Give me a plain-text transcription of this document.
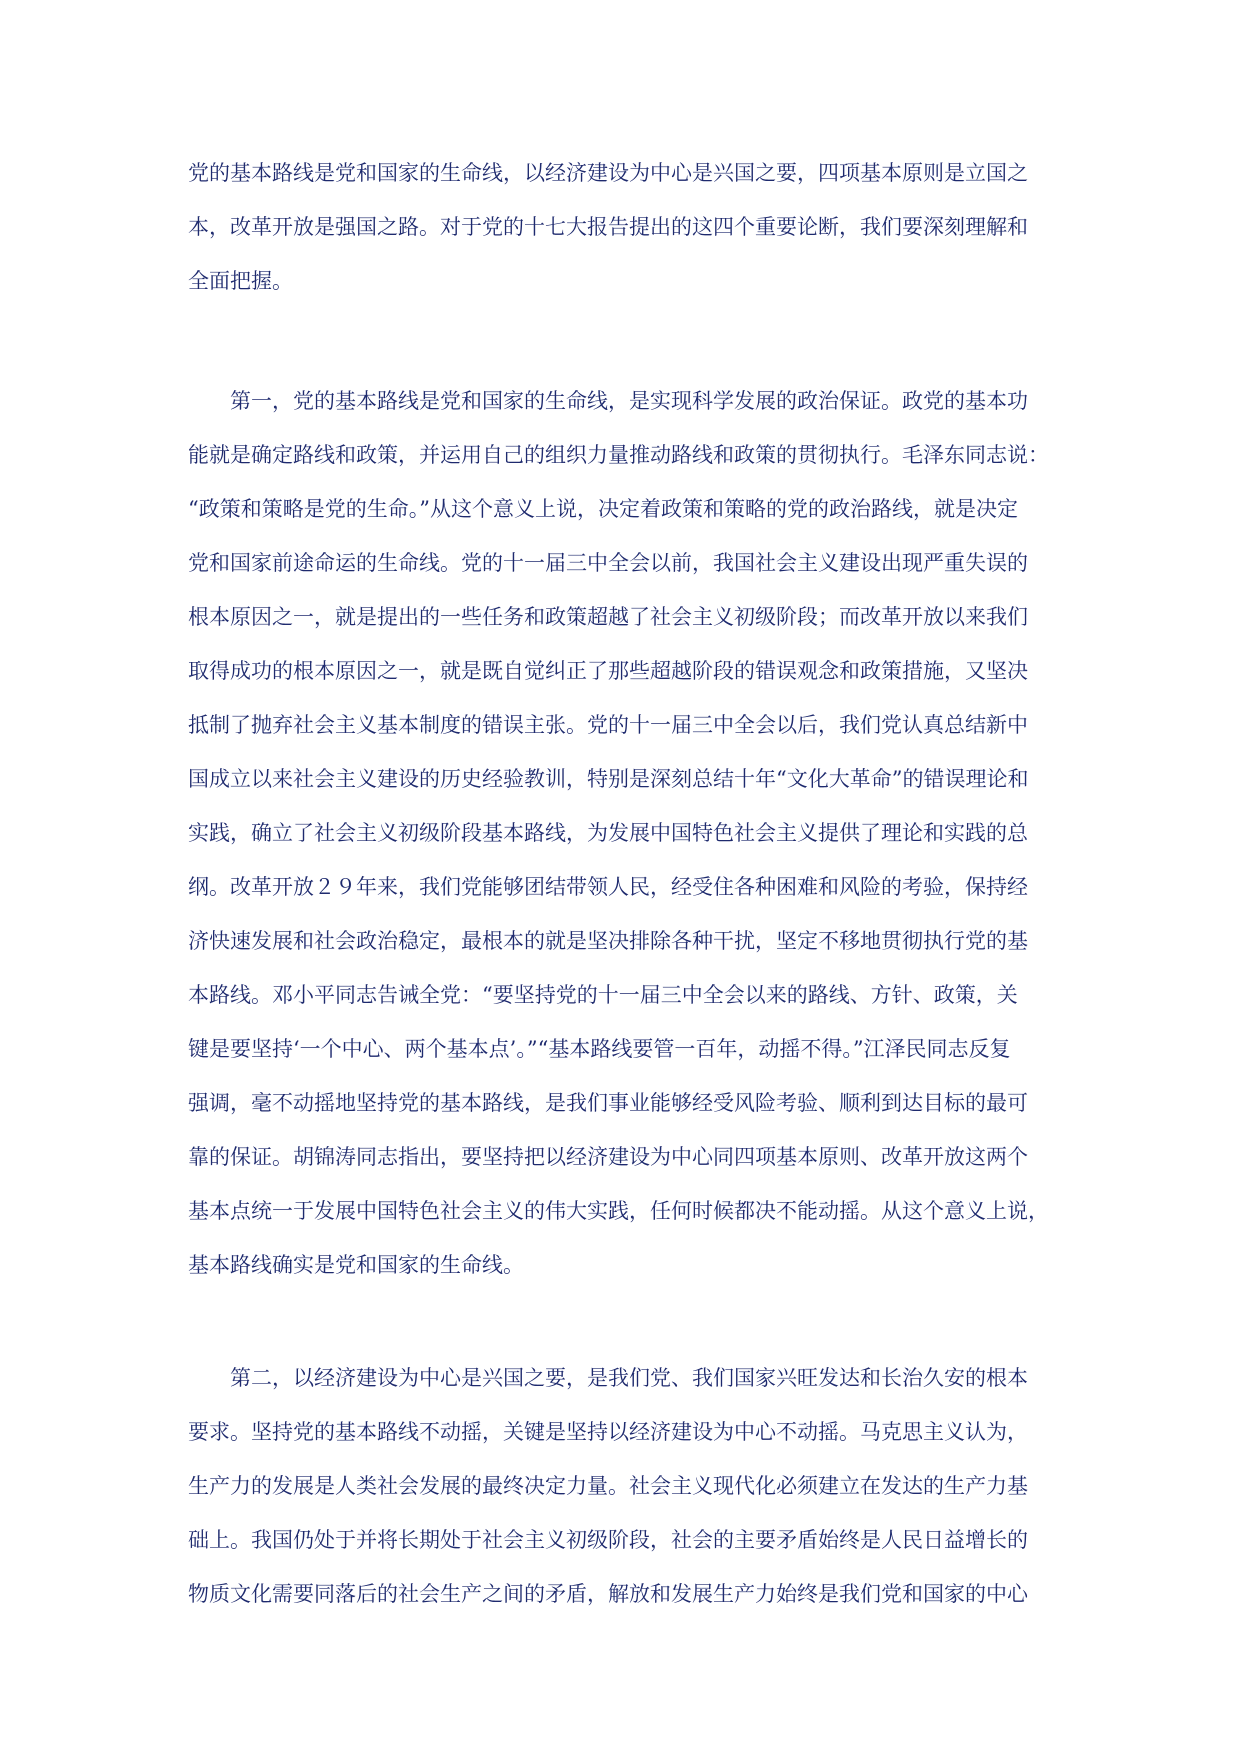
党的基本路线是党和国家的生命线，以经济建设为中心是兴国之要，四项基本原则是立国之
本，改革开放是强国之路。对于党的十七大报告提出的这四个重要论断，我们要深刻理解和
全面把握。

第一，党的基本路线是党和国家的生命线，是实现科学发展的政治保证。政党的基本功
能就是确定路线和政策，并运用自己的组织力量推动路线和政策的贯彻执行。毛泽东同志说：
“政策和策略是党的生命。”从这个意义上说，决定着政策和策略的党的政治路线，就是决定
党和国家前途命运的生命线。党的十一届三中全会以前，我国社会主义建设出现严重失误的
根本原因之一，就是提出的一些任务和政策超越了社会主义初级阶段；而改革开放以来我们
取得成功的根本原因之一，就是既自觉纠正了那些超越阶段的错误观念和政策措施，又坚决
抵制了抛弃社会主义基本制度的错误主张。党的十一届三中全会以后，我们党认真总结新中
国成立以来社会主义建设的历史经验教训，特别是深刻总结十年“文化大革命”的错误理论和
实践，确立了社会主义初级阶段基本路线，为发展中国特色社会主义提供了理论和实践的总
纲。改革开放２９年来，我们党能够团结带领人民，经受住各种困难和风险的考验，保持经
济快速发展和社会政治稳定，最根本的就是坚决排除各种干扰，坚定不移地贯彻执行党的基
本路线。邓小平同志告诫全党：“要坚持党的十一届三中全会以来的路线、方针、政策，关
键是要坚持‘一个中心、两个基本点’。”“基本路线要管一百年，动摇不得。”江泽民同志反复
强调，毫不动摇地坚持党的基本路线，是我们事业能够经受风险考验、顺利到达目标的最可
靠的保证。胡锦涛同志指出，要坚持把以经济建设为中心同四项基本原则、改革开放这两个
基本点统一于发展中国特色社会主义的伟大实践，任何时候都决不能动摇。从这个意义上说，
基本路线确实是党和国家的生命线。

第二，以经济建设为中心是兴国之要，是我们党、我们国家兴旺发达和长治久安的根本
要求。坚持党的基本路线不动摇，关键是坚持以经济建设为中心不动摇。马克思主义认为，
生产力的发展是人类社会发展的最终决定力量。社会主义现代化必须建立在发达的生产力基
础上。我国仍处于并将长期处于社会主义初级阶段，社会的主要矛盾始终是人民日益增长的
物质文化需要同落后的社会生产之间的矛盾，解放和发展生产力始终是我们党和国家的中心
